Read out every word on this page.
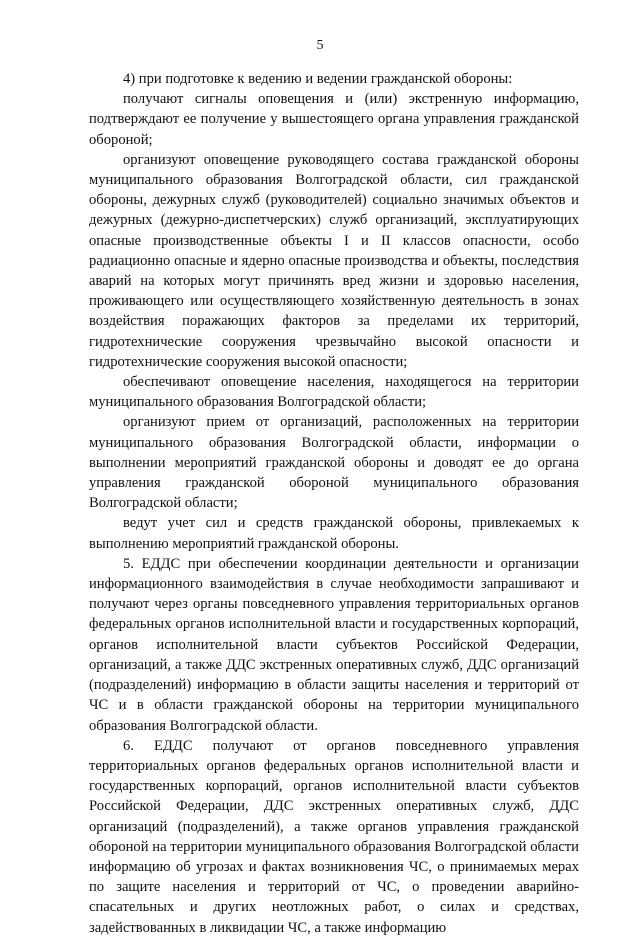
5

4) при подготовке к ведению и ведении гражданской обороны:

получают сигналы оповещения и (или) экстренную информацию, подтверждают ее получение у вышестоящего органа управления гражданской обороной;

организуют оповещение руководящего состава гражданской обороны муниципального образования Волгоградской области, сил гражданской обороны, дежурных служб (руководителей) социально значимых объектов и дежурных (дежурно-диспетчерских) служб организаций, эксплуатирующих опасные производственные объекты I и II классов опасности, особо радиационно опасные и ядерно опасные производства и объекты, последствия аварий на которых могут причинять вред жизни и здоровью населения, проживающего или осуществляющего хозяйственную деятельность в зонах воздействия поражающих факторов за пределами их территорий, гидротехнические сооружения чрезвычайно высокой опасности и гидротехнические сооружения высокой опасности;

обеспечивают оповещение населения, находящегося на территории муниципального образования Волгоградской области;

организуют прием от организаций, расположенных на территории муниципального образования Волгоградской области, информации о выполнении мероприятий гражданской обороны и доводят ее до органа управления гражданской обороной муниципального образования Волгоградской области;

ведут учет сил и средств гражданской обороны, привлекаемых к выполнению мероприятий гражданской обороны.

5. ЕДДС при обеспечении координации деятельности и организации информационного взаимодействия в случае необходимости запрашивают и получают через органы повседневного управления территориальных органов федеральных органов исполнительной власти и государственных корпораций, органов исполнительной власти субъектов Российской Федерации, организаций, а также ДДС экстренных оперативных служб, ДДС организаций (подразделений) информацию в области защиты населения и территорий от ЧС и в области гражданской обороны на территории муниципального образования Волгоградской области.

6. ЕДДС получают от органов повседневного управления территориальных органов федеральных органов исполнительной власти и государственных корпораций, органов исполнительной власти субъектов Российской Федерации, ДДС экстренных оперативных служб, ДДС организаций (подразделений), а также органов управления гражданской обороной на территории муниципального образования Волгоградской области информацию об угрозах и фактах возникновения ЧС, о принимаемых мерах по защите населения и территорий от ЧС, о проведении аварийно-спасательных и других неотложных работ, о силах и средствах, задействованных в ликвидации ЧС, а также информацию
